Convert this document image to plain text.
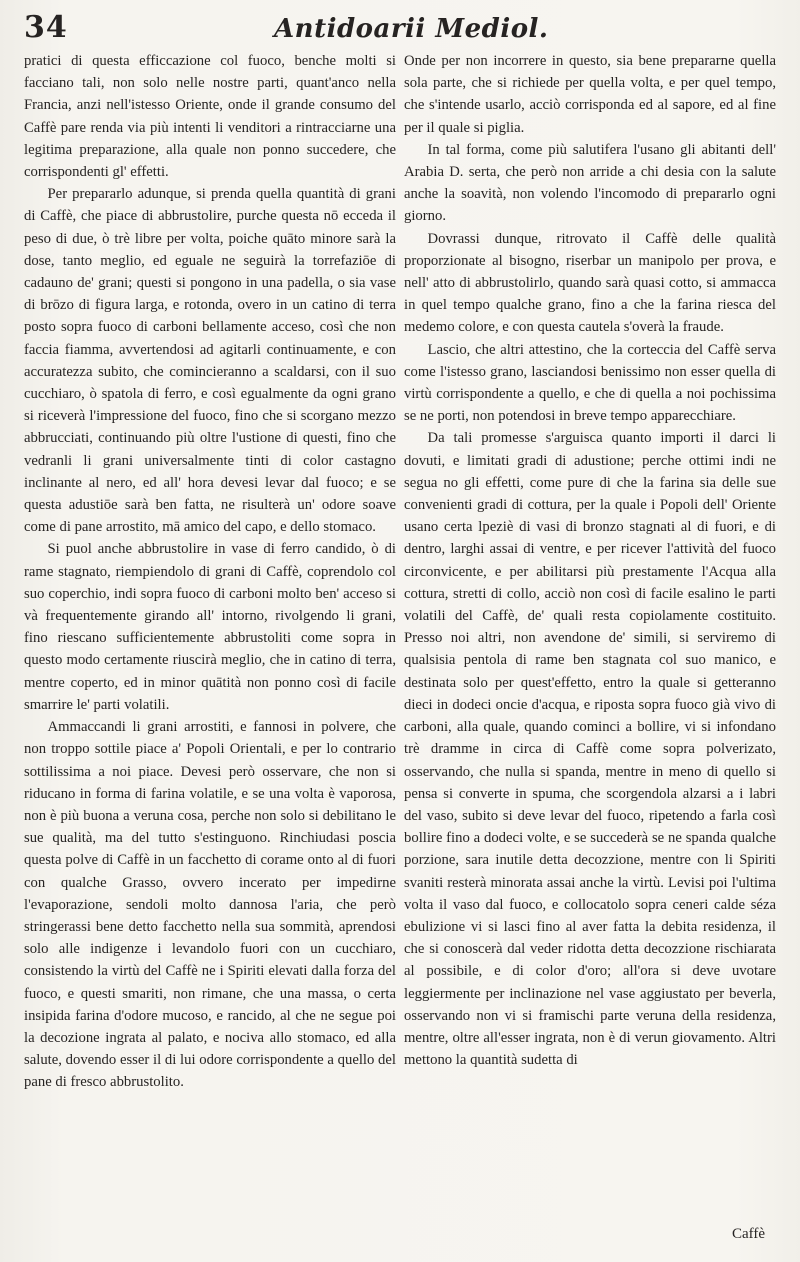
34	Antidoarii Mediol.

pratici di questa efficcazione col fuoco, benche molti si facciano tali, non solo nelle nostre parti, quant'anco nella Francia, anzi nell'istesso Oriente, onde il grande consumo del Caffè pare renda via più intenti li venditori a rintracciarne una legitima preparazione, alla quale non ponno succedere, che corrispondenti gl' effetti.

Per prepararlo adunque, si prenda quella quantità di grani di Caffè, che piace di abbrustolire, purche questa nō ecceda il peso di due, ò trè libre per volta, poiche quāto minore sarà la dose, tanto meglio, ed eguale ne seguirà la torrefaziōe di cadauno de' grani; questi si pongono in una padella, o sia vase di brōzo di figura larga, e rotonda, overo in un catino di terra posto sopra fuoco di carboni bellamente acceso, così che non faccia fiamma, avvertendosi ad agitarli continuamente, e con accuratezza subito, che comincieranno a scaldarsi, con il suo cucchiaro, ò spatola di ferro, e così egualmente da ogni grano si riceverà l'impressione del fuoco, fino che si scorgano mezzo abbrucciati, continuando più oltre l'ustione di questi, fino che vedranli li grani universalmente tinti di color castagno inclinante al nero, ed all' hora devesi levar dal fuoco; e se questa adustiōe sarà ben fatta, ne risulterà un' odore soave come di pane arrostito, mā amico del capo, e dello stomaco.

Si puol anche abbrustolire in vase di ferro candido, ò di rame stagnato, riempiendolo di grani di Caffè, coprendolo col suo coperchio, indi sopra fuoco di carboni molto ben' acceso si và frequentemente girando all' intorno, rivolgendo li grani, fino riescano sufficientemente abbrustoliti come sopra in questo modo certamente riuscirà meglio, che in catino di terra, mentre coperto, ed in minor quātità non ponno così di facile smarrire le' parti volatili.

Ammaccandi li grani arrostiti, e fannosi in polvere, che non troppo sottile piace a' Popoli Orientali, e per lo contrario sottilissima a noi piace. Devesi però osservare, che non si riducano in forma di farina volatile, e se una volta è vaporosa, non è più buona a veruna cosa, perche non solo si debilitano le sue qualità, ma del tutto s'estinguono. Rinchiudasi poscia questa polve di Caffè in un facchetto di corame onto al di fuori con qualche Grasso, ovvero incerato per impedirne l'evaporazione, sendoli molto dannosa l'aria, che però stringerassi bene detto facchetto nella sua sommità, aprendosi solo alle indigenze i levandolo fuori con un cucchiaro, consistendo la virtù del Caffè ne i Spiriti elevati dalla forza del fuoco, e questi smariti, non rimane, che una massa, o certa insipida farina d'odore mucoso, e rancido, al che ne segue poi la decozione ingrata al palato, e nociva allo stomaco, ed alla salute, dovendo esser il di lui odore corrispondente a quello del pane di fresco abbrustolito.

Onde per non incorrere in questo, sia bene prepararne quella sola parte, che si richiede per quella volta, e per quel tempo, che s'intende usarlo, acciò corrisponda ed al sapore, ed al fine per il quale si piglia.

In tal forma, come più salutifera l'usano gli abitanti dell' Arabia D. serta, che però non arride a chi desia con la salute anche la soavità, non volendo l'incomodo di prepararlo ogni giorno.

Dovrassi dunque, ritrovato il Caffè delle qualità proporzionate al bisogno, riserbar un manipolo per prova, e nell' atto di abbrustolirlo, quando sarà quasi cotto, si ammacca in quel tempo qualche grano, fino a che la farina riesca del medemo colore, e con questa cautela s'overà la fraude.

Lascio, che altri attestino, che la corteccia del Caffè serva come l'istesso grano, lasciandosi benissimo non esser quella di virtù corrispondente a quello, e che di quella a noi pochissima se ne porti, non potendosi in breve tempo apparecchiare.

Da tali promesse s'arguisca quanto importi il darci li dovuti, e limitati gradi di adustione; perche ottimi indi ne segua no gli effetti, come pure di che la farina sia delle sue convenienti gradi di cottura, per la quale i Popoli dell' Oriente usano certa lpeziè di vasi di bronzo stagnati al di fuori, e di dentro, larghi assai di ventre, e per ricever l'attività del fuoco circonvicente, e per abilitarsi più prestamente l'Acqua alla cottura, stretti di collo, acciò non così di facile esalino le parti volatili del Caffè, de' quali resta copiolamente costituito. Presso noi altri, non avendone de' simili, si serviremo di qualsisia pentola di rame ben stagnata col suo manico, e destinata solo per quest'effetto, entro la quale si getteranno dieci in dodeci oncie d'acqua, e riposta sopra fuoco già vivo di carboni, alla quale, quando cominci a bollire, vi si infondano trè dramme in circa di Caffè come sopra polverizato, osservando, che nulla si spanda, mentre in meno di quello si pensa si converte in spuma, che scorgendola alzarsi a i labri del vaso, subito si deve levar del fuoco, ripetendo a farla così bollire fino a dodeci volte, e se succederà se ne spanda qualche porzione, sara inutile detta decozzione, mentre con li Spiriti svaniti resterà minorata assai anche la virtù. Levisi poi l'ultima volta il vaso dal fuoco, e collocatolo sopra ceneri calde séza ebulizione vi si lasci fino al aver fatta la debita residenza, il che si conoscerà dal veder ridotta detta decozzione rischiarata al possibile, e di color d'oro; all'ora si deve uvotare leggiermente per inclinazione nel vase aggiustato per beverla, osservando non vi si framischi parte veruna della residenza, mentre, oltre all'esser ingrata, non è di verun giovamento. Altri mettono la quantità sudetta di

Caffè
